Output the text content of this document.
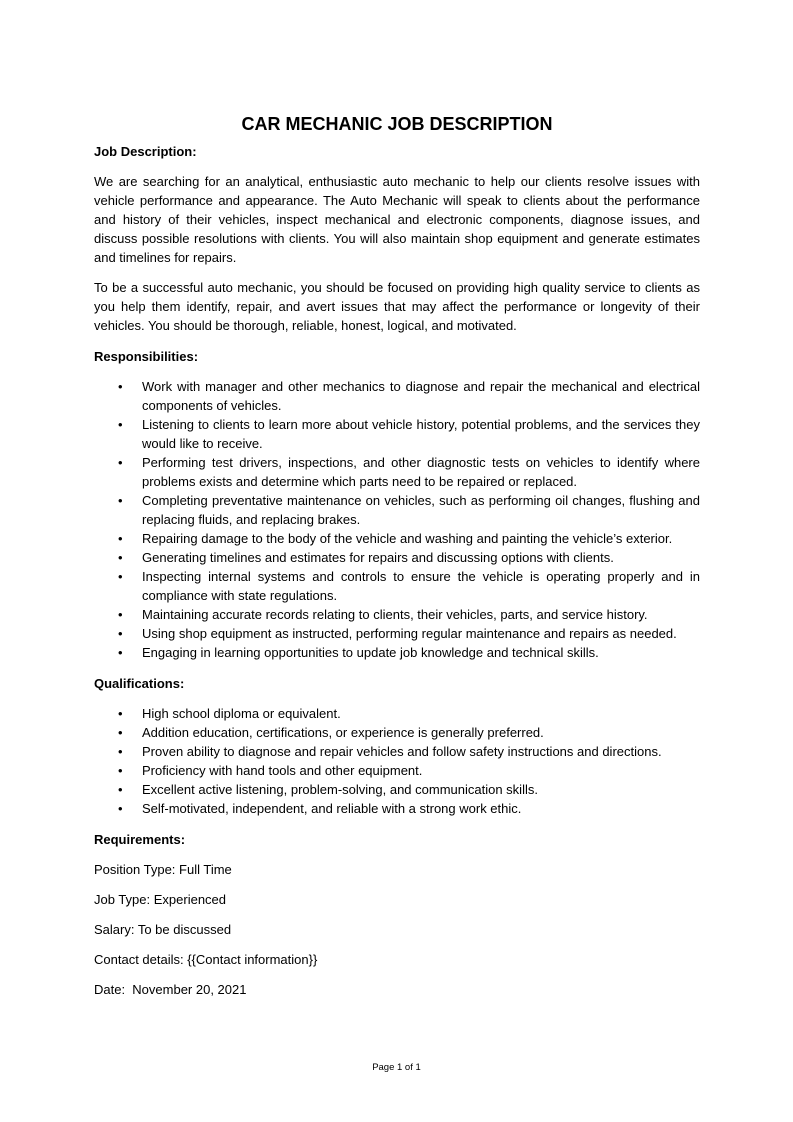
CAR MECHANIC JOB DESCRIPTION

Job Description:

We are searching for an analytical, enthusiastic auto mechanic to help our clients resolve issues with vehicle performance and appearance. The Auto Mechanic will speak to clients about the performance and history of their vehicles, inspect mechanical and electronic components, diagnose issues, and discuss possible resolutions with clients. You will also maintain shop equipment and generate estimates and timelines for repairs.

To be a successful auto mechanic, you should be focused on providing high quality service to clients as you help them identify, repair, and avert issues that may affect the performance or longevity of their vehicles. You should be thorough, reliable, honest, logical, and motivated.

Responsibilities:

• Work with manager and other mechanics to diagnose and repair the mechanical and electrical components of vehicles.
• Listening to clients to learn more about vehicle history, potential problems, and the services they would like to receive.
• Performing test drivers, inspections, and other diagnostic tests on vehicles to identify where problems exists and determine which parts need to be repaired or replaced.
• Completing preventative maintenance on vehicles, such as performing oil changes, flushing and replacing fluids, and replacing brakes.
• Repairing damage to the body of the vehicle and washing and painting the vehicle’s exterior.
• Generating timelines and estimates for repairs and discussing options with clients.
• Inspecting internal systems and controls to ensure the vehicle is operating properly and in compliance with state regulations.
• Maintaining accurate records relating to clients, their vehicles, parts, and service history.
• Using shop equipment as instructed, performing regular maintenance and repairs as needed.
• Engaging in learning opportunities to update job knowledge and technical skills.

Qualifications:

• High school diploma or equivalent.
• Addition education, certifications, or experience is generally preferred.
• Proven ability to diagnose and repair vehicles and follow safety instructions and directions.
• Proficiency with hand tools and other equipment.
• Excellent active listening, problem-solving, and communication skills.
• Self-motivated, independent, and reliable with a strong work ethic.

Requirements:

Position Type: Full Time

Job Type: Experienced

Salary: To be discussed

Contact details: {{Contact information}}

Date:  November 20, 2021

Page 1 of 1
